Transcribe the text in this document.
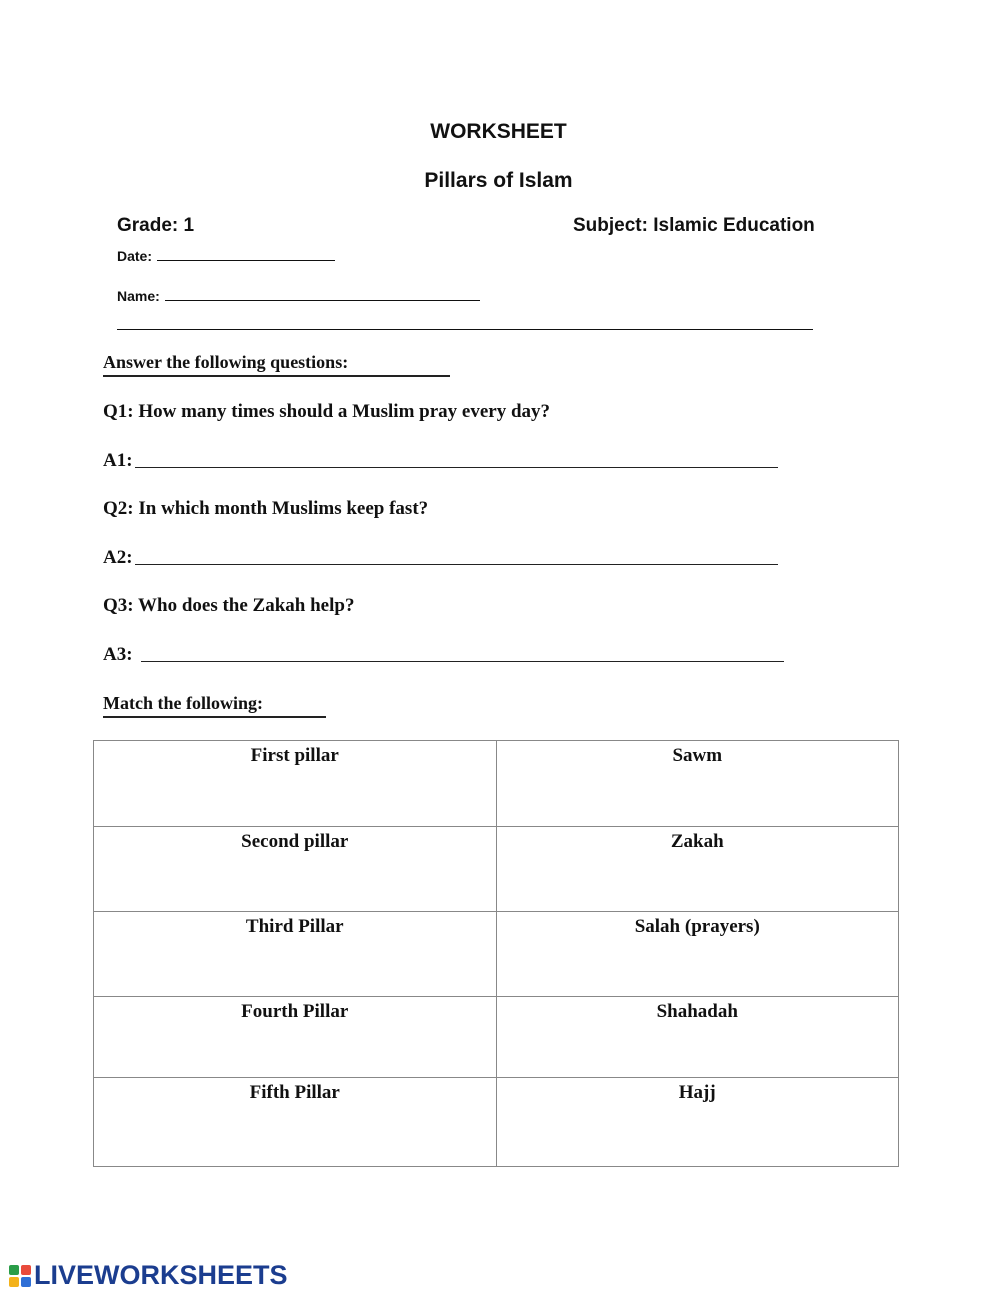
WORKSHEET
Pillars of Islam
Grade: 1	Subject: Islamic Education
Date:
Name:
Answer the following questions:
Q1: How many times should a Muslim pray every day?
A1:
Q2: In which month Muslims keep fast?
A2:
Q3: Who does the Zakah help?
A3:
Match the following:
First pillar	Sawm
Second pillar	Zakah
Third Pillar	Salah (prayers)
Fourth Pillar	Shahadah
Fifth Pillar	Hajj
LIVEWORKSHEETS
